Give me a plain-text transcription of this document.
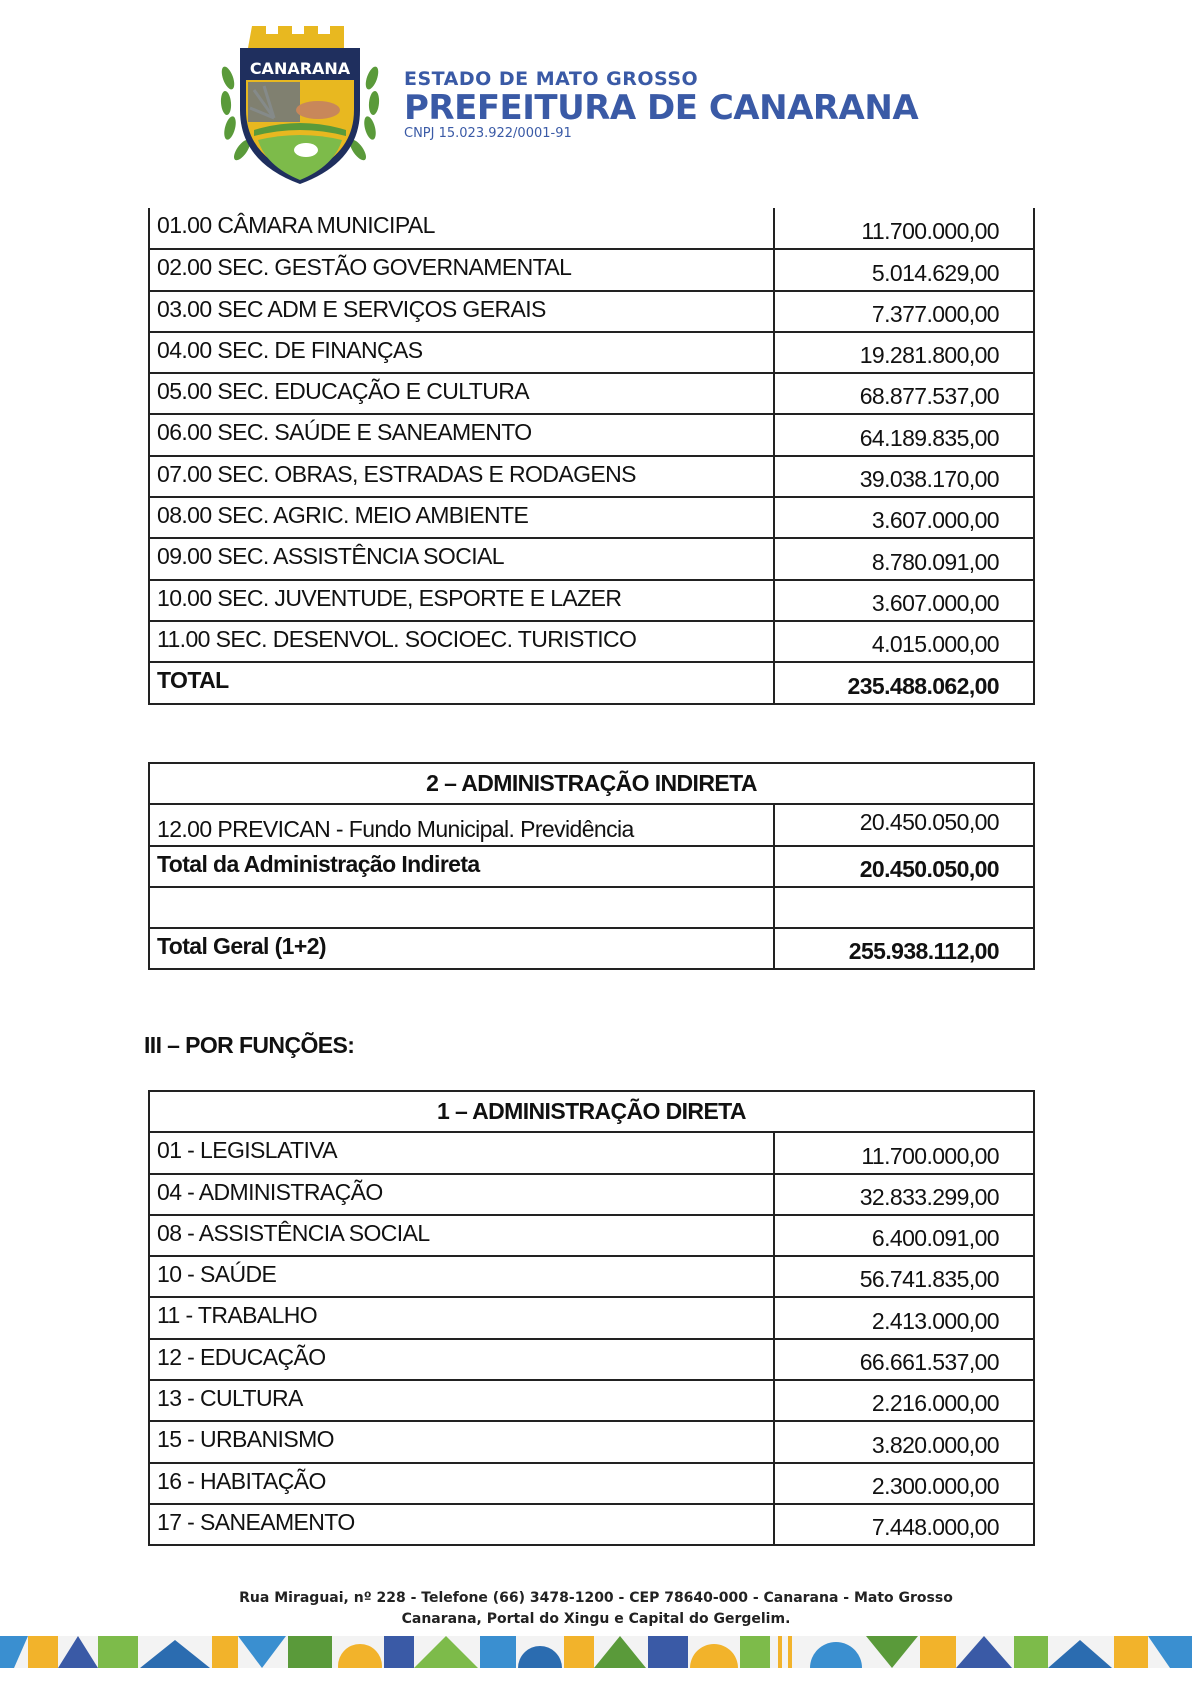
CANARANA	ESTADO DE MATO GROSSO
PREFEITURA DE CANARANA
CNPJ 15.023.922/0001-91
01.00 CÂMARA MUNICIPAL	11.700.000,00
02.00 SEC. GESTÃO GOVERNAMENTAL	5.014.629,00
03.00 SEC ADM E SERVIÇOS GERAIS	7.377.000,00
04.00 SEC. DE FINANÇAS	19.281.800,00
05.00 SEC. EDUCAÇÃO E CULTURA	68.877.537,00
06.00 SEC. SAÚDE E SANEAMENTO	64.189.835,00
07.00 SEC. OBRAS, ESTRADAS E RODAGENS	39.038.170,00
08.00 SEC. AGRIC. MEIO AMBIENTE	3.607.000,00
09.00 SEC. ASSISTÊNCIA SOCIAL	8.780.091,00
10.00 SEC. JUVENTUDE, ESPORTE E LAZER	3.607.000,00
11.00 SEC. DESENVOL. SOCIOEC. TURISTICO	4.015.000,00
TOTAL	235.488.062,00
2 – ADMINISTRAÇÃO INDIRETA	
12.00 PREVICAN - Fundo Municipal. Previdência	20.450.050,00
Total da Administração Indireta	20.450.050,00

Total Geral (1+2)	255.938.112,00
III – POR FUNÇÕES:
1 – ADMINISTRAÇÃO DIRETA	
01 - LEGISLATIVA	11.700.000,00
04 - ADMINISTRAÇÃO	32.833.299,00
08 - ASSISTÊNCIA SOCIAL	6.400.091,00
10 - SAÚDE	56.741.835,00
11 - TRABALHO	2.413.000,00
12 - EDUCAÇÃO	66.661.537,00
13 - CULTURA	2.216.000,00
15 - URBANISMO	3.820.000,00
16 - HABITAÇÃO	2.300.000,00
17 - SANEAMENTO	7.448.000,00
Rua Miraguai, nº 228 - Telefone (66) 3478-1200 - CEP 78640-000 - Canarana - Mato Grosso
Canarana, Portal do Xingu e Capital do Gergelim.
